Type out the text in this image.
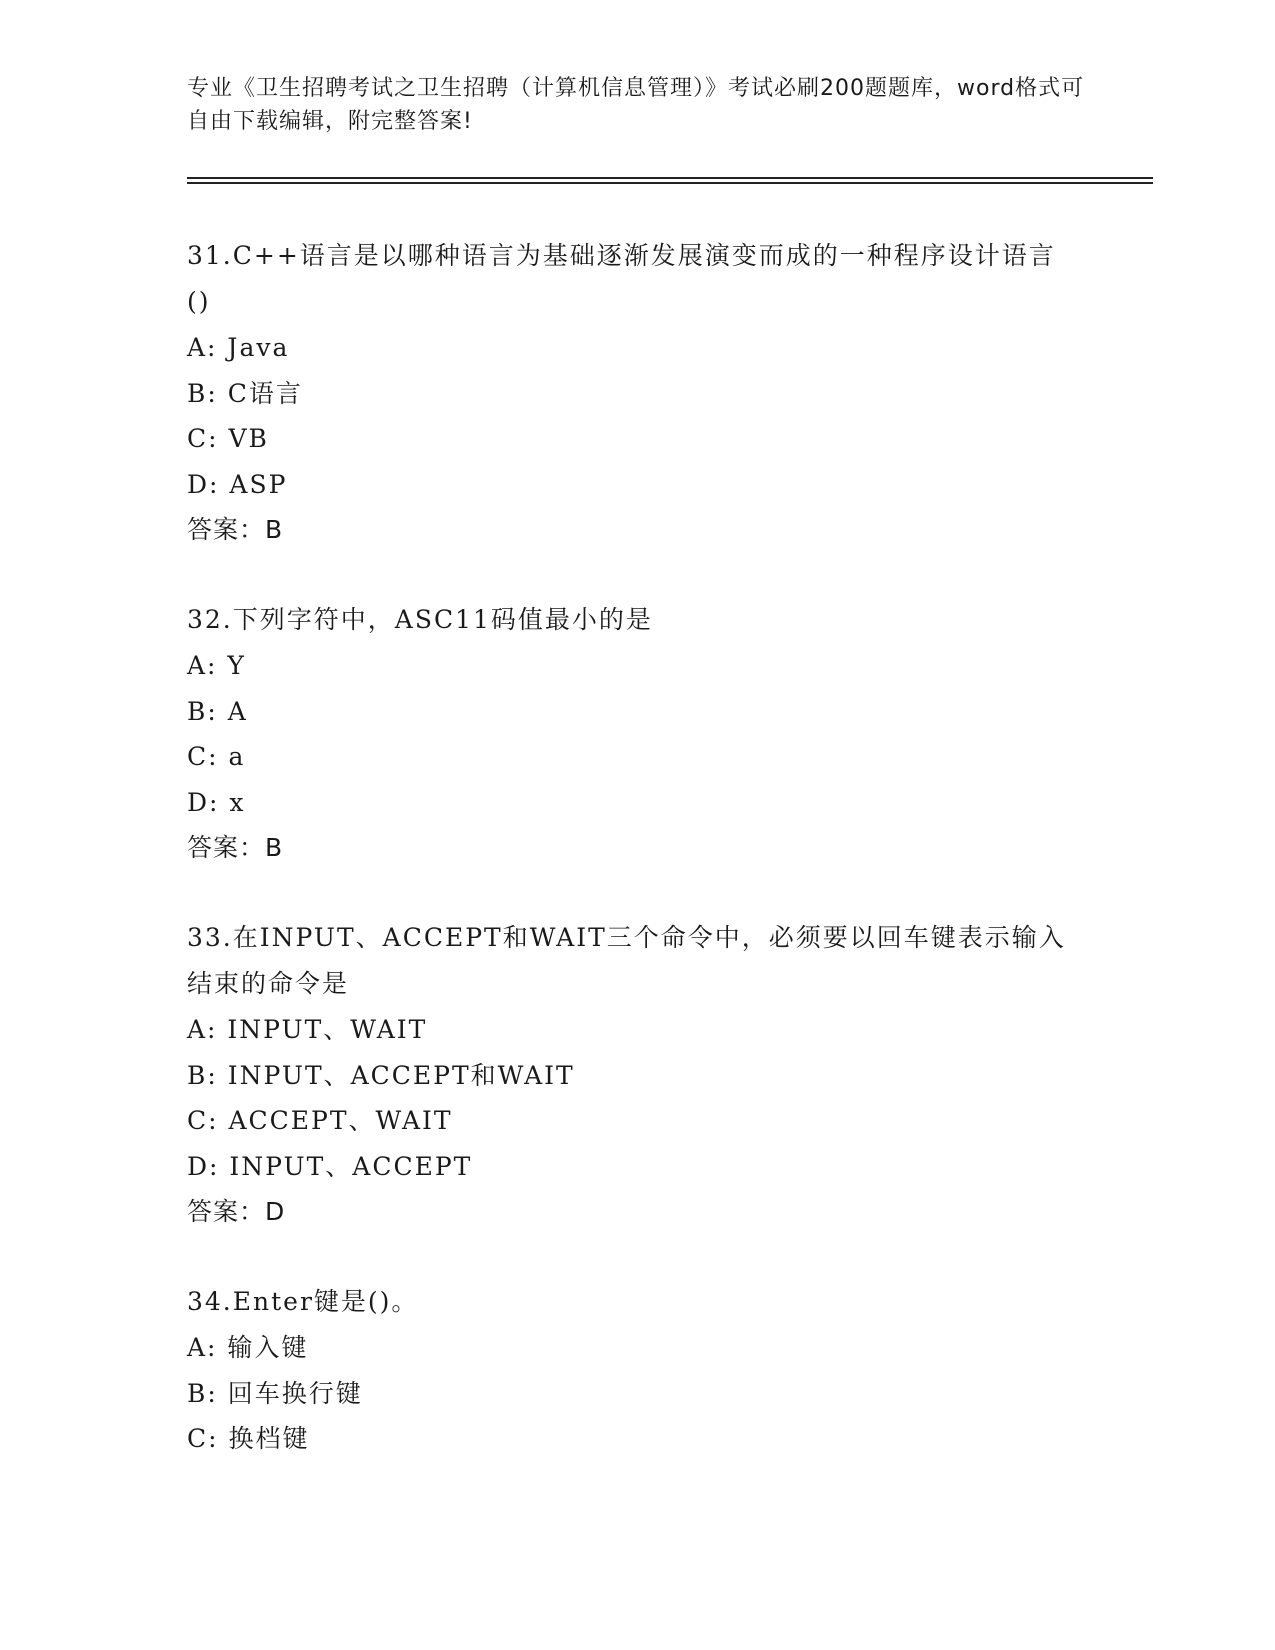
专业《卫生招聘考试之卫生招聘（计算机信息管理）》考试必刷200题题库，word格式可自由下载编辑，附完整答案!

31.C++语言是以哪种语言为基础逐渐发展演变而成的一种程序设计语言()

A: Java

B: C语言

C: VB

D: ASP

答案：B

32.下列字符中，ASC11码值最小的是

A: Y

B: A

C: a

D: x

答案：B

33.在INPUT、ACCEPT和WAIT三个命令中，必须要以回车键表示输入结束的命令是

A: INPUT、WAIT

B: INPUT、ACCEPT和WAIT

C: ACCEPT、WAIT

D: INPUT、ACCEPT

答案：D

34.Enter键是()。

A: 输入键

B: 回车换行键

C: 换档键
